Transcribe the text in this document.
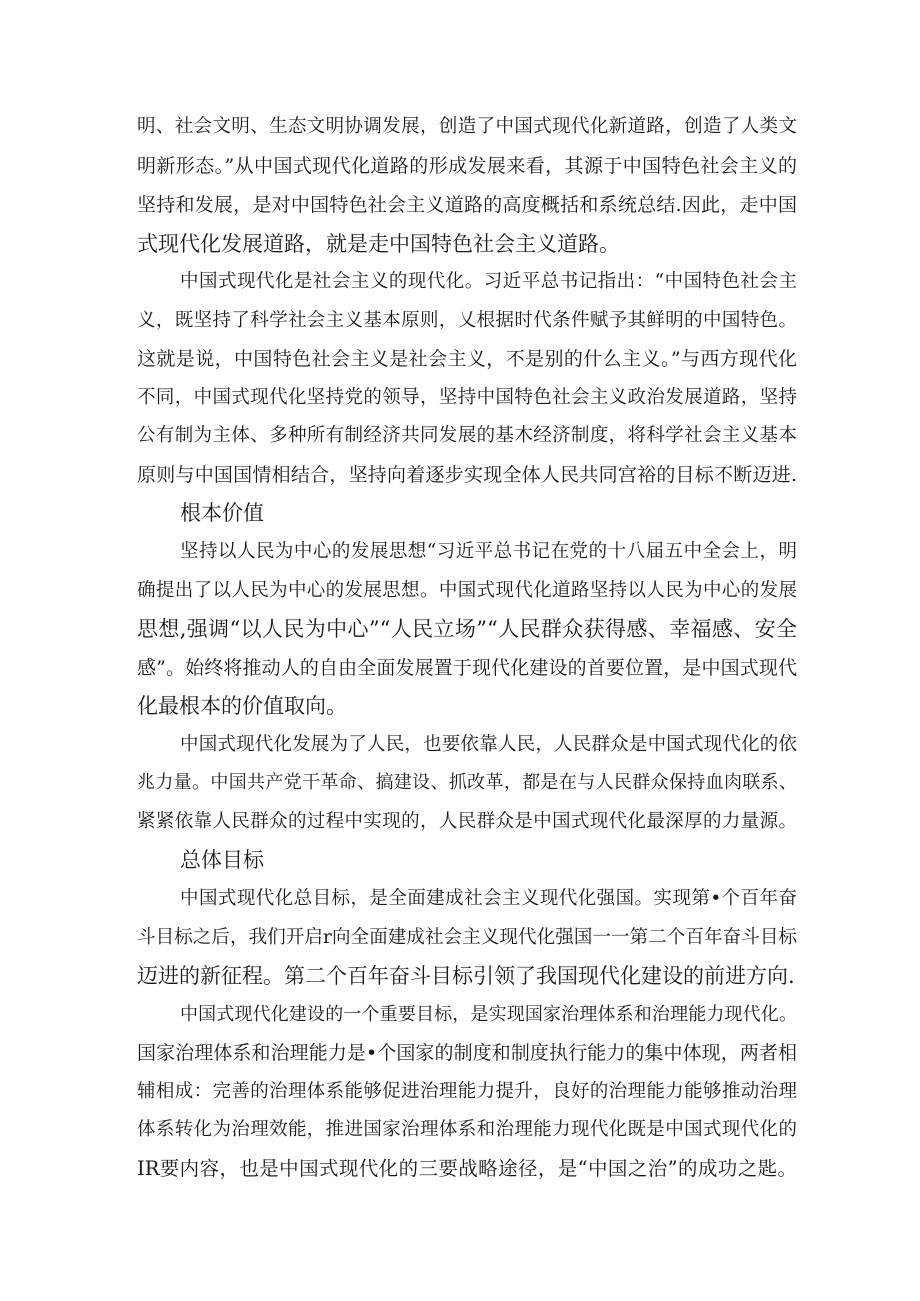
明、社会文明、生态文明协调发展，创造了中国式现代化新道路，创造了人类文
明新形态。”从中国式现代化道路的形成发展来看，其源于中国特色社会主义的
坚持和发展，是对中国特色社会主义道路的高度概括和系统总结.因此，走中国
式现代化发展道路，就是走中国特色社会主义道路。
中国式现代化是社会主义的现代化。习近平总书记指出：“中国特色社会主
义，既坚持了科学社会主义基本原则，乂根据时代条件赋予其鲜明的中国特色。
这就是说，中国特色社会主义是社会主义，不是别的什么主义。”与西方现代化
不同，中国式现代化坚持党的领导，坚持中国特色社会主义政治发展道路，坚持
公有制为主体、多种所有制经济共同发展的基木经济制度，将科学社会主义基本
原则与中国国情相结合，坚持向着逐步实现全体人民共同宫裕的目标不断迈进.
根本价值
坚持以人民为中心的发展思想“习近平总书记在党的十八届五中全会上，明
确提出了以人民为中心的发展思想。中国式现代化道路坚持以人民为中心的发展
思想,强调“以人民为中心”“人民立场”“人民群众获得感、幸福感、安全
感”。始终将推动人的自由全面发展置于现代化建设的首要位置，是中国式现代
化最根本的价值取向。
中国式现代化发展为了人民，也要依靠人民，人民群众是中国式现代化的依
兆力量。中国共产党干革命、搞建设、抓改革，都是在与人民群众保持血肉联系、
紧紧依靠人民群众的过程中实现的，人民群众是中国式现代化最深厚的力量源。
总体目标
中国式现代化总目标，是全面建成社会主义现代化强国。实现第•个百年奋
斗目标之后，我们开启r向全面建成社会主义现代化强国一一第二个百年奋斗目标
迈进的新征程。第二个百年奋斗目标引领了我国现代化建设的前进方向.
中国式现代化建设的一个重要目标，是实现国家治理体系和治理能力现代化。
国家治理体系和治理能力是•个国家的制度和制度执行能力的集中体现，两者相
辅相成：完善的治理体系能够促进治理能力提升，良好的治理能力能够推动治理
体系转化为治理效能，推进国家治理体系和治理能力现代化既是中国式现代化的
IR要内容，也是中国式现代化的三要战略途径，是“中国之治”的成功之匙。
